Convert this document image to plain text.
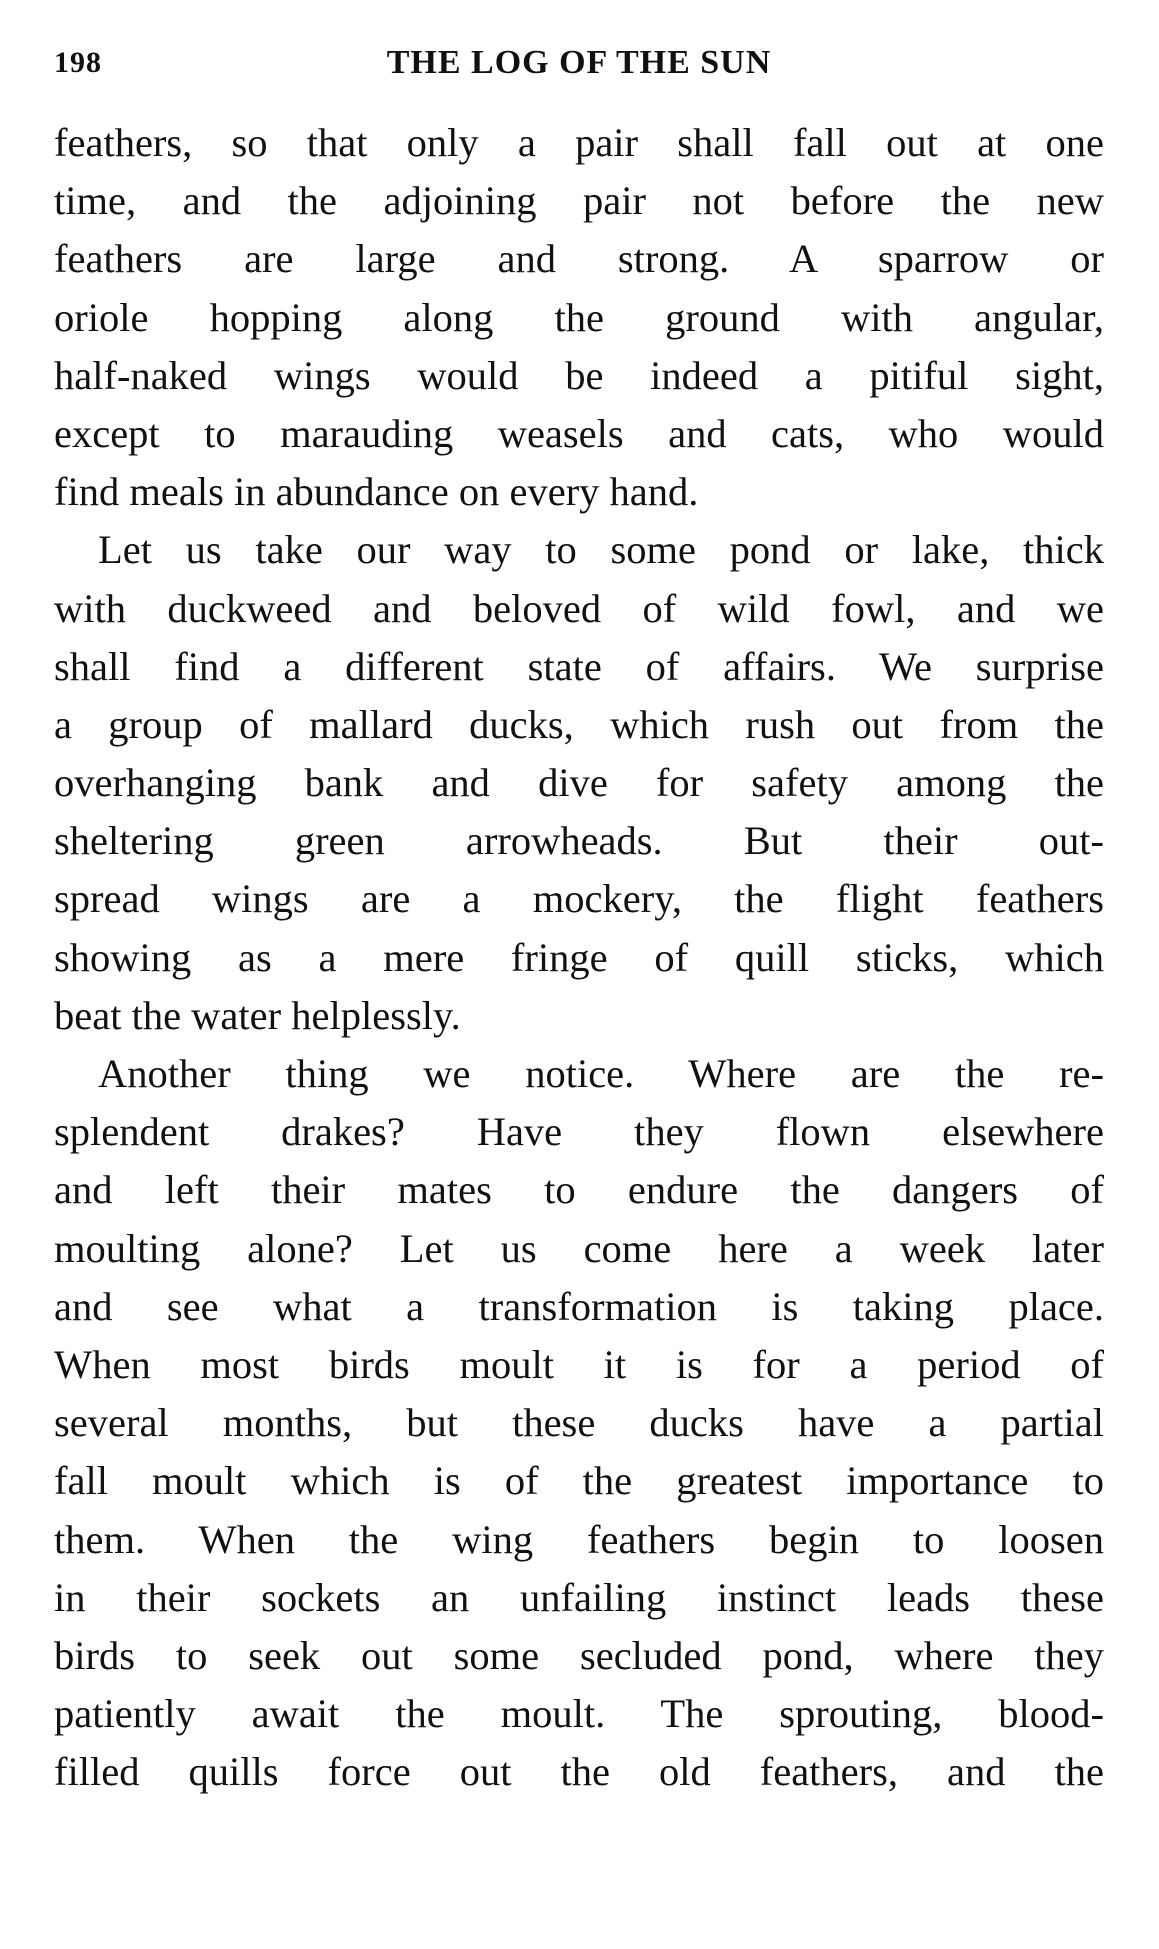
198	THE LOG OF THE SUN
feathers, so that only a pair shall fall out at one
time, and the adjoining pair not before the new
feathers are large and strong. A sparrow or
oriole hopping along the ground with angular,
half-naked wings would be indeed a pitiful sight,
except to marauding weasels and cats, who would
find meals in abundance on every hand.
Let us take our way to some pond or lake, thick
with duckweed and beloved of wild fowl, and we
shall find a different state of affairs. We surprise
a group of mallard ducks, which rush out from the
overhanging bank and dive for safety among the
sheltering green arrowheads. But their out-
spread wings are a mockery, the flight feathers
showing as a mere fringe of quill sticks, which
beat the water helplessly.
Another thing we notice. Where are the re-
splendent drakes? Have they flown elsewhere
and left their mates to endure the dangers of
moulting alone? Let us come here a week later
and see what a transformation is taking place.
When most birds moult it is for a period of
several months, but these ducks have a partial
fall moult which is of the greatest importance to
them. When the wing feathers begin to loosen
in their sockets an unfailing instinct leads these
birds to seek out some secluded pond, where they
patiently await the moult. The sprouting, blood-
filled quills force out the old feathers, and the
